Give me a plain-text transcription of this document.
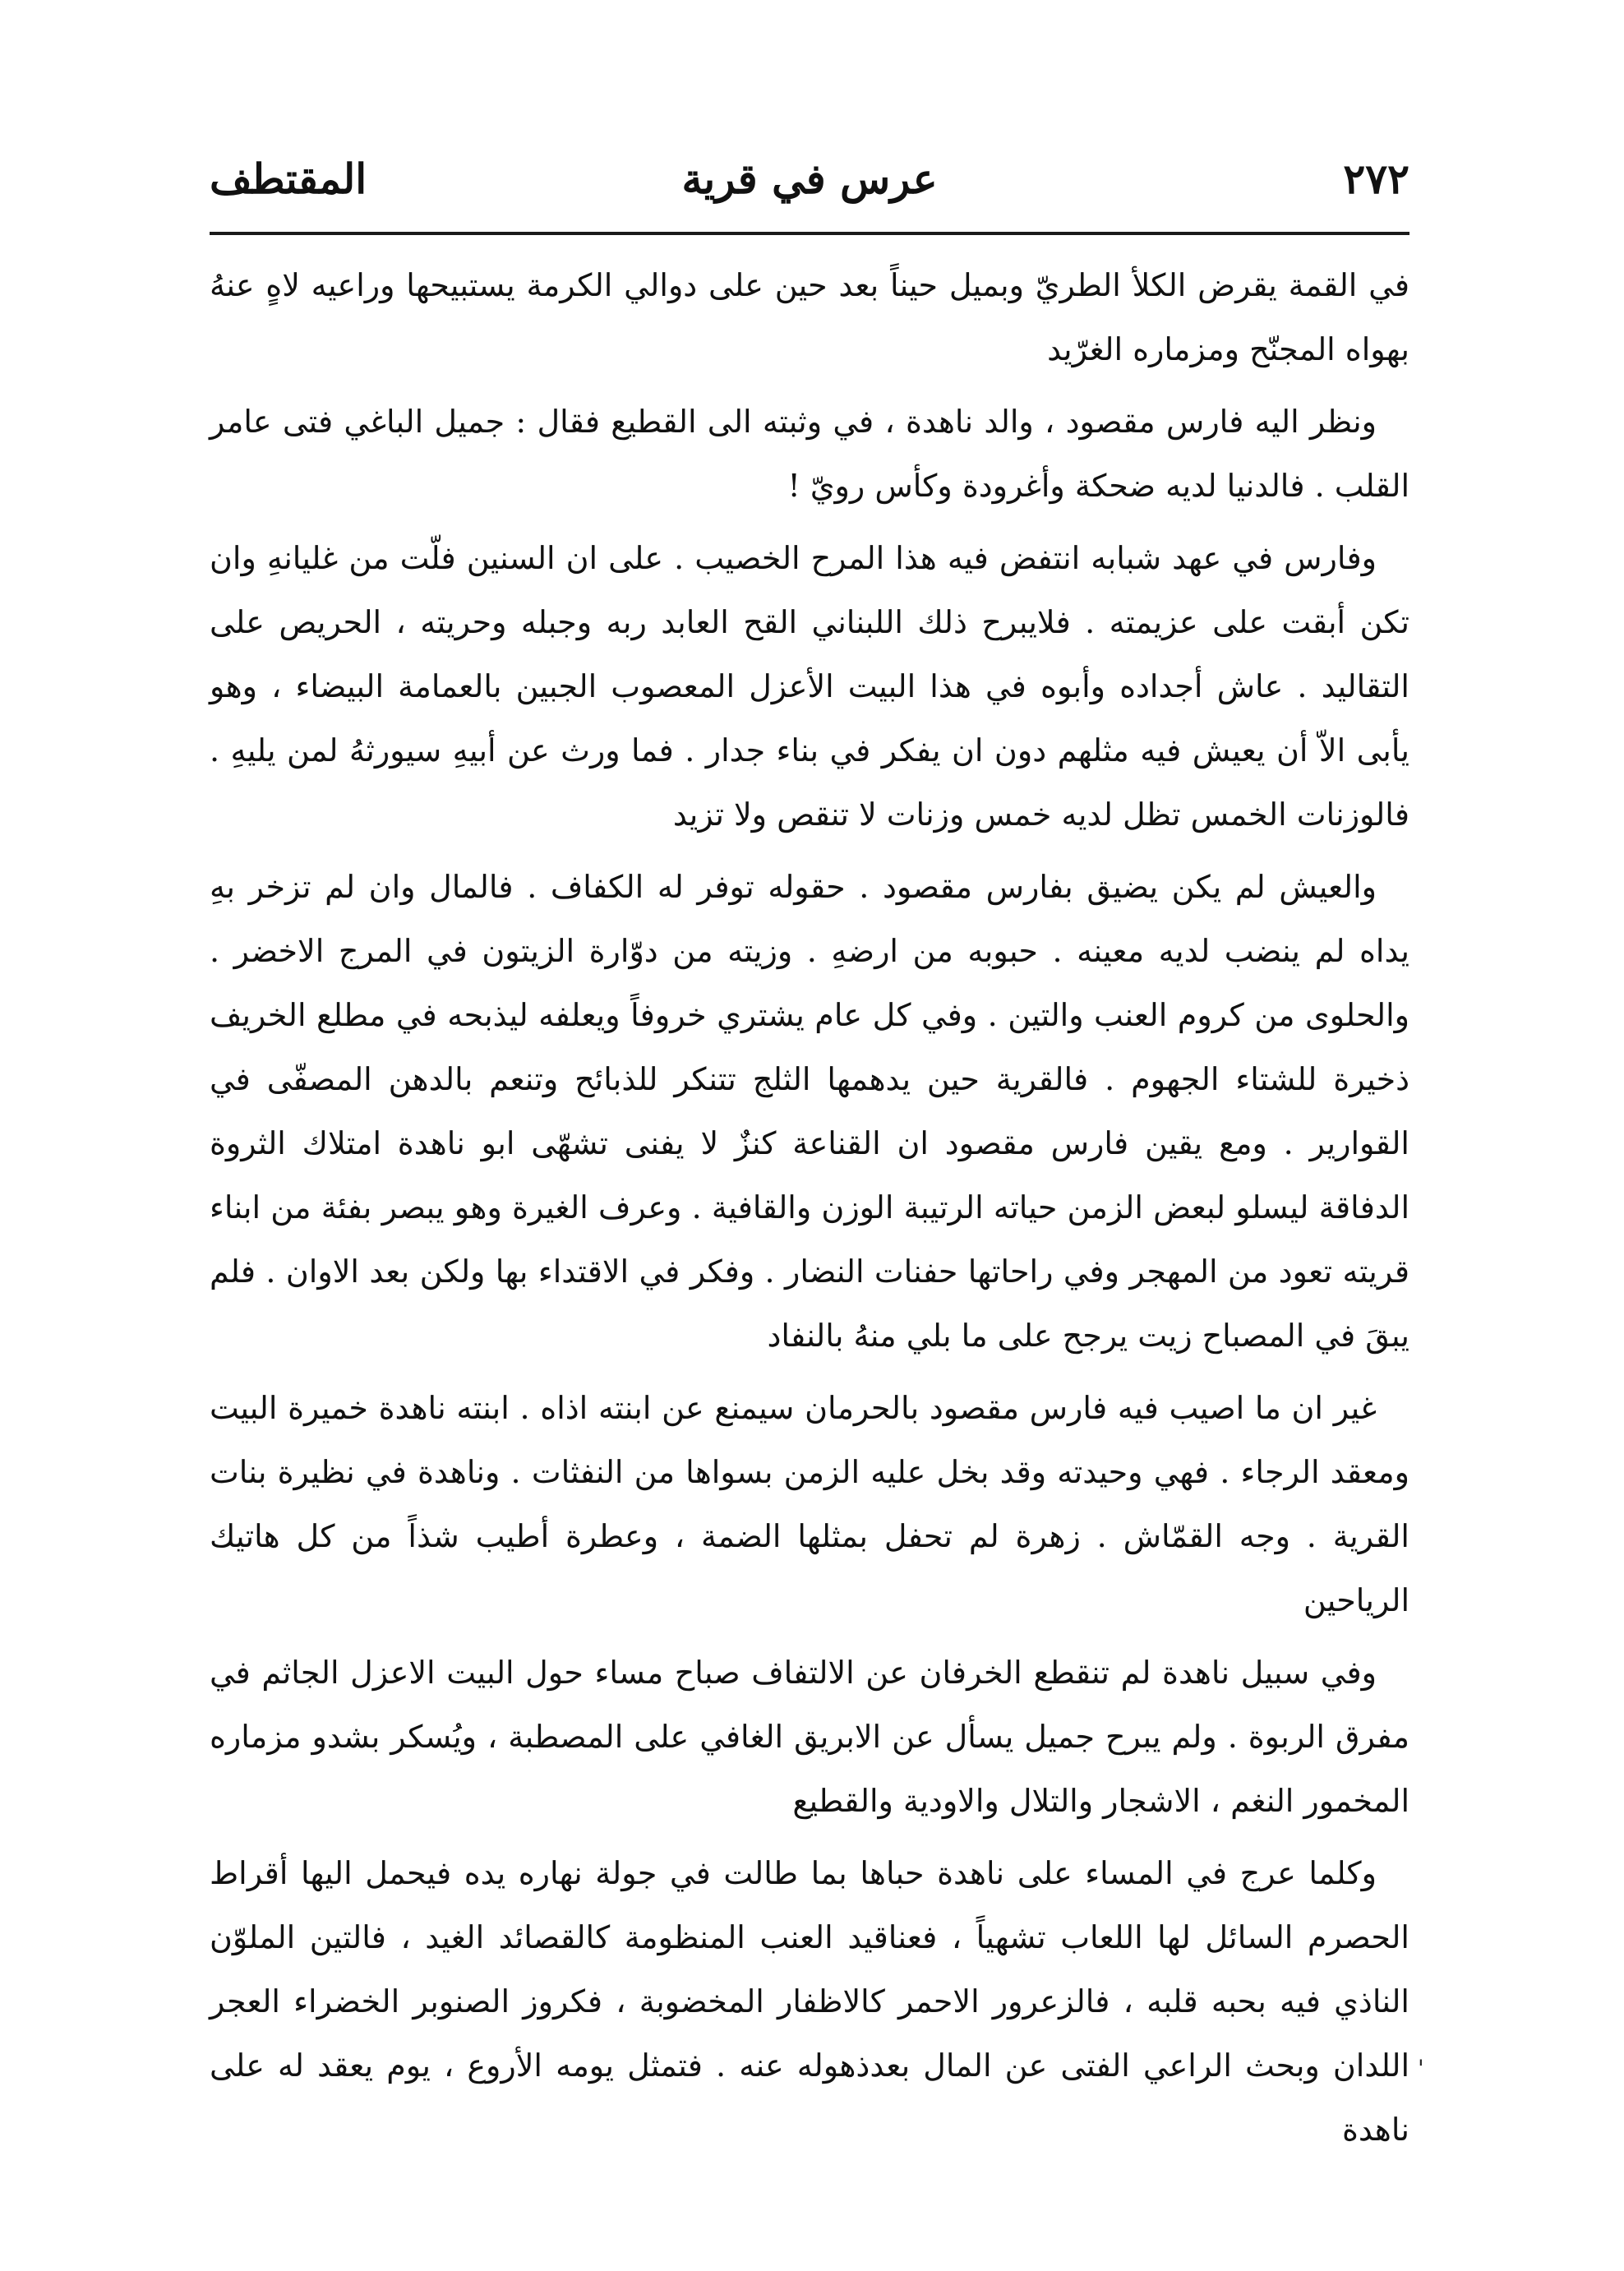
٢٧٢
عرس في قرية
المقتطف

في القمة يقرض الكلأ الطريّ وبميل حيناً بعد حين على دوالي الكرمة يستبيحها وراعيه لاهٍ عنهُ بهواه المجنّح ومزماره الغرّيد

ونظر اليه فارس مقصود ، والد ناهدة ، في وثبته الى القطيع فقال : جميل الباغي فتى عامر القلب . فالدنيا لديه ضحكة وأغرودة وكأس رويّ !

وفارس في عهد شبابه انتفض فيه هذا المرح الخصيب . على ان السنين فلّت من غليانهِ وان تكن أبقت على عزيمته . فلايبرح ذلك اللبناني القح العابد ربه وجبله وحريته ، الحريص على التقاليد . عاش أجداده وأبوه في هذا البيت الأعزل المعصوب الجبين بالعمامة البيضاء ، وهو يأبى الاّ أن يعيش فيه مثلهم دون ان يفكر في بناء جدار . فما ورث عن أبيهِ سيورثهُ لمن يليهِ . فالوزنات الخمس تظل لديه خمس وزنات لا تنقص ولا تزيد

والعيش لم يكن يضيق بفارس مقصود . حقوله توفر له الكفاف . فالمال وان لم تزخر بهِ يداه لم ينضب لديه معينه . حبوبه من ارضهِ . وزيته من دوّارة الزيتون في المرج الاخضر . والحلوى من كروم العنب والتين . وفي كل عام يشتري خروفاً ويعلفه ليذبحه في مطلع الخريف ذخيرة للشتاء الجهوم . فالقرية حين يدهمها الثلج تتنكر للذبائح وتنعم بالدهن المصفّى في القوارير . ومع يقين فارس مقصود ان القناعة كنزٌ لا يفنى تشهّى ابو ناهدة امتلاك الثروة الدفاقة ليسلو لبعض الزمن حياته الرتيبة الوزن والقافية . وعرف الغيرة وهو يبصر بفئة من ابناء قريته تعود من المهجر وفي راحاتها حفنات النضار . وفكر في الاقتداء بها ولكن بعد الاوان . فلم يبقَ في المصباح زيت يرجح على ما بلي منهُ بالنفاد

غير ان ما اصيب فيه فارس مقصود بالحرمان سيمنع عن ابنته اذاه . ابنته ناهدة خميرة البيت ومعقد الرجاء . فهي وحيدته وقد بخل عليه الزمن بسواها من النفثات . وناهدة في نظيرة بنات القرية . وجه القمّاش . زهرة لم تحفل بمثلها الضمة ، وعطرة أطيب شذاً من كل هاتيك الرياحين

وفي سبيل ناهدة لم تنقطع الخرفان عن الالتفاف صباح مساء حول البيت الاعزل الجاثم في مفرق الربوة . ولم يبرح جميل يسأل عن الابريق الغافي على المصطبة ، ويُسكر بشدو مزماره المخمور النغم ، الاشجار والتلال والاودية والقطيع

وكلما عرج في المساء على ناهدة حباها بما طالت في جولة نهاره يده فيحمل اليها أقراط الحصرم السائل لها اللعاب تشهياً ، فعناقيد العنب المنظومة كالقصائد الغيد ، فالتين الملوّن الناذي فيه بحبه قلبه ، فالزعرور الاحمر كالاظفار المخضوبة ، فكروز الصنوبر الخضراء العجر اللدان وبحث الراعي الفتى عن المال بعدذهوله عنه . فتمثل يومه الأروع ، يوم يعقد له على ناهدة

'
